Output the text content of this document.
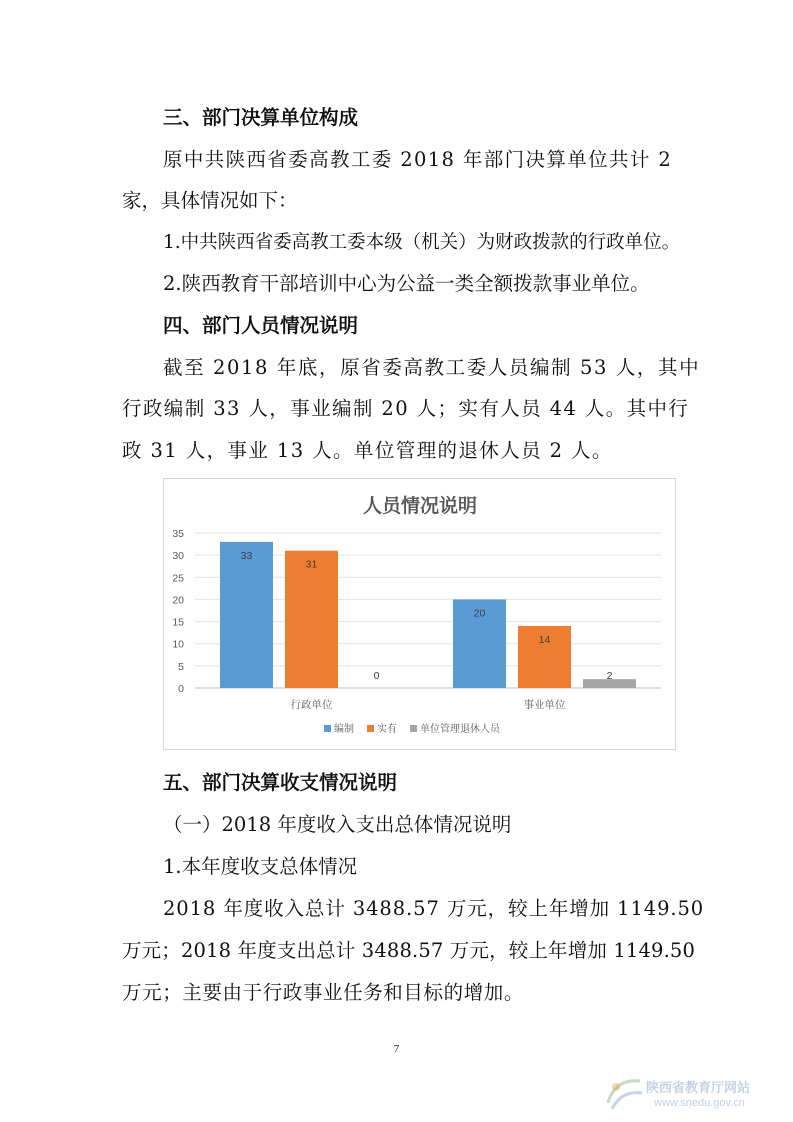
三、部门决算单位构成
原 中 共 陕 西 省 委 高 教 工 委
2 0 1 8
年 部 门 决 算 单 位 共 计
2
家，具体情况如下：
1.中共陕西省委高教工委本级（机关）为财政拨款的行政单位。
2.陕西教育干部培训中心为公益一类全额拨款事业单位。
四、部门人员情况说明
截至 2018 年底，原省委高教工委人员编制 53 人，其中
行政编制 33 人，事业编制 20 人；实有人员 44 人。其中行
政 31 人，事业 13 人。单位管理的退休人员 2 人。
人员情况说明
0
5
10
15
20
25
30
35
33
31
0
行政单位
20
14
2
事业单位
编制 实有 单位管理退休人员
五、部门决算收支情况说明
（一）2018 年度收入支出总体情况说明
1.本年度收支总体情况
2018 年度收入总计 3488.57 万元，较上年增加 1149.50
万元；2018 年度支出总计 3488.57 万元，较上年增加 1149.50
万元；主要由于行政事业任务和目标的增加。
7
陕西省教育厅网站
www.snedu.gov.cn
